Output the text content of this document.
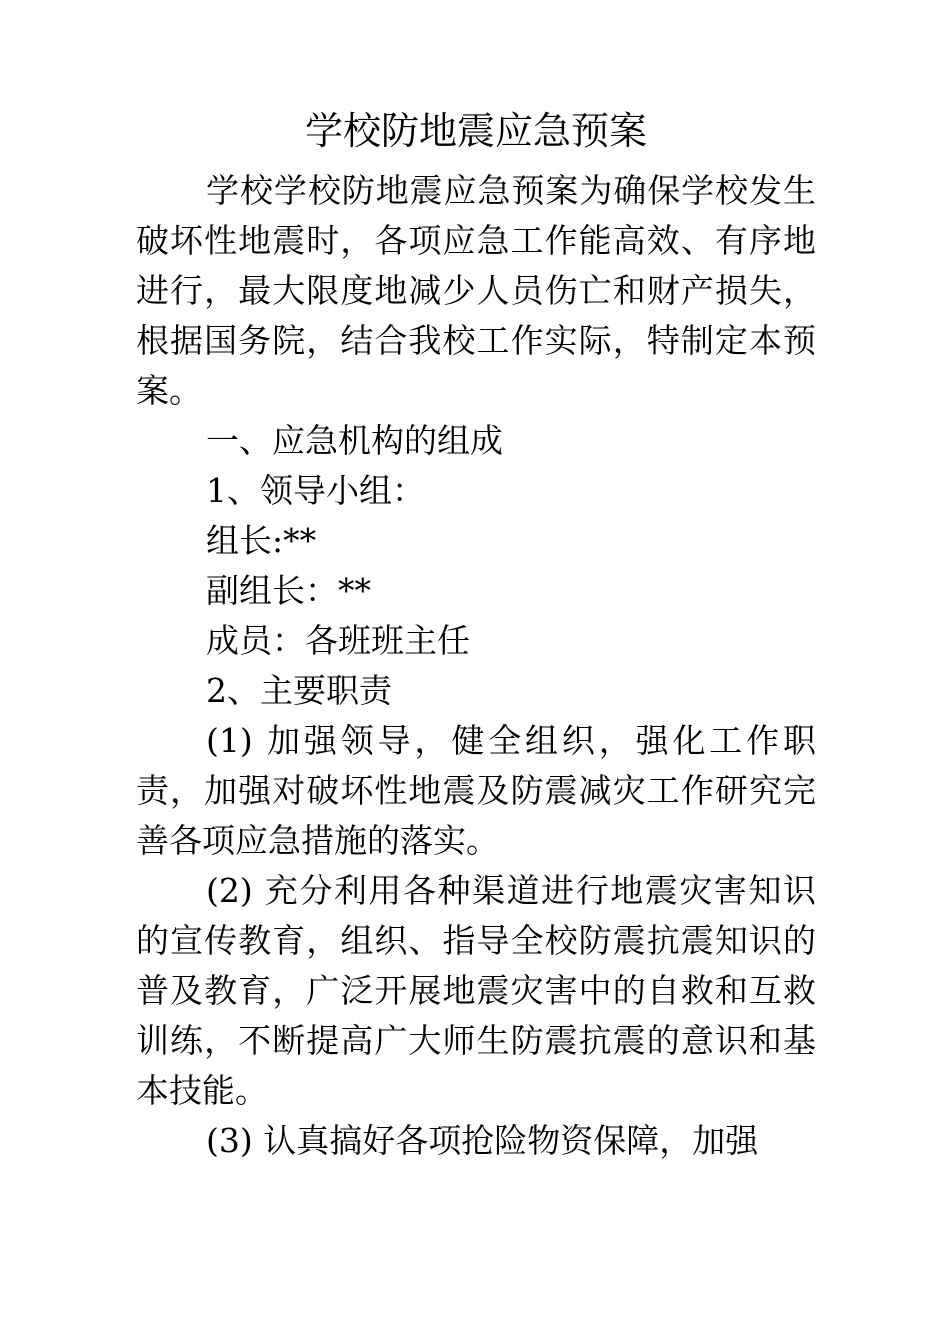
学校防地震应急预案

学校学校防地震应急预案为确保学校发生破坏性地震时，各项应急工作能高效、有序地进行，最大限度地减少人员伤亡和财产损失，根据国务院，结合我校工作实际，特制定本预案。

一、应急机构的组成

1、领导小组：

组长:**

副组长：**

成员：各班班主任

2、主要职责

(1) 加强领导，健全组织，强化工作职责，加强对破坏性地震及防震减灾工作研究完善各项应急措施的落实。

(2) 充分利用各种渠道进行地震灾害知识的宣传教育，组织、指导全校防震抗震知识的普及教育，广泛开展地震灾害中的自救和互救训练，不断提高广大师生防震抗震的意识和基本技能。

(3) 认真搞好各项抢险物资保障，加强
